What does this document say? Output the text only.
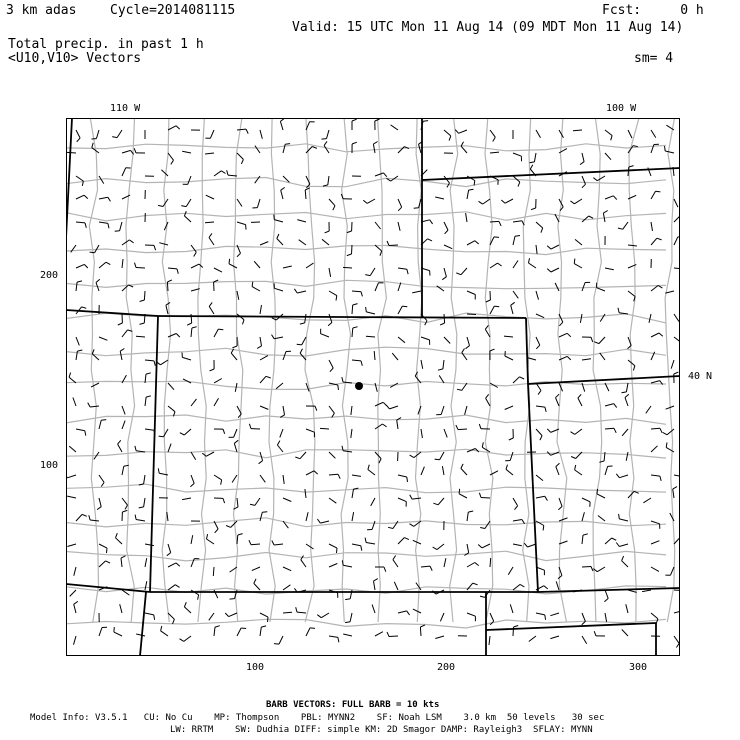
3 km adas	Cycle=2014081115	Fcst:     0 h
Valid: 15 UTC Mon 11 Aug 14 (09 MDT Mon 11 Aug 14)
Total precip. in past 1 h
<U10,V10> Vectors	sm= 4
110 W	100 W
40 N
200
100
100	200	300
BARB VECTORS: FULL BARB = 10 kts
Model Info: V3.5.1   CU: No Cu    MP: Thompson    PBL: MYNN2    SF: Noah LSM    3.0 km  50 levels   30 sec
LW: RRTM    SW: Dudhia DIFF: simple KM: 2D Smagor DAMP: Rayleigh3  SFLAY: MYNN
